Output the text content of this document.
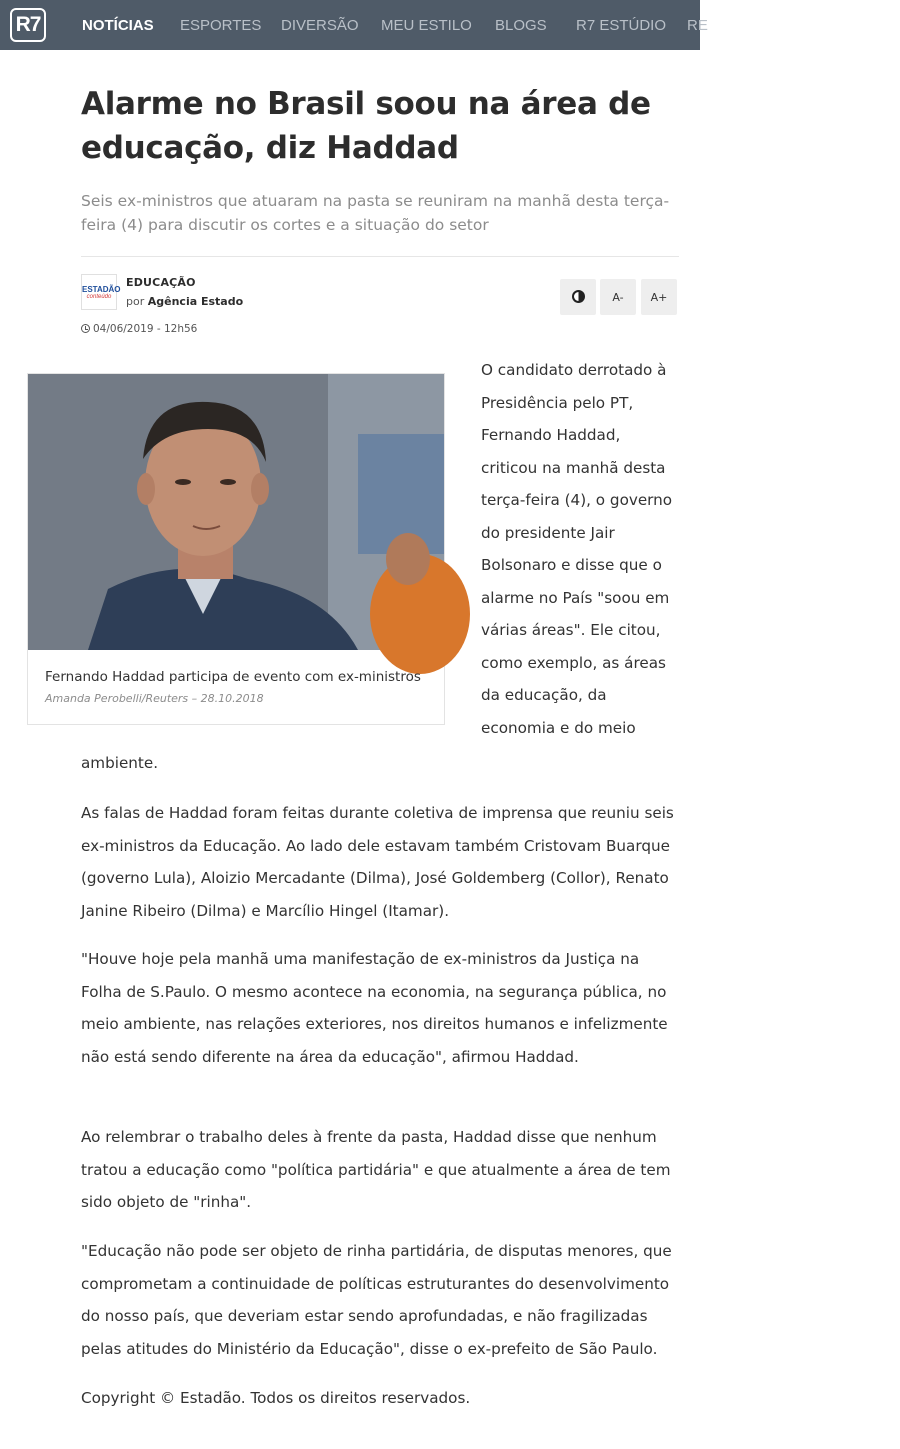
R7	NOTÍCIAS ESPORTES DIVERSÃO MEU ESTILO BLOGS R7 ESTÚDIO RE
Alarme no Brasil soou na área de educação, diz Haddad

Seis ex-ministros que atuaram na pasta se reuniram na manhã desta terça-feira (4) para discutir os cortes e a situação do setor

ESTADÃO
conteúdo
EDUCAÇÃO
por Agência Estado
04/06/2019 - 12h56
A-	A+
Fernando Haddad participa de evento com ex-ministros
Amanda Perobelli/Reuters – 28.10.2018
O candidato derrotado à
Presidência pelo PT,
Fernando Haddad,
criticou na manhã desta
terça-feira (4), o governo
do presidente Jair
Bolsonaro e disse que o
alarme no País "soou em
várias áreas". Ele citou,
como exemplo, as áreas
da educação, da
economia e do meio
ambiente.
As falas de Haddad foram feitas durante coletiva de imprensa que reuniu seis
ex-ministros da Educação. Ao lado dele estavam também Cristovam Buarque
(governo Lula), Aloizio Mercadante (Dilma), José Goldemberg (Collor), Renato
Janine Ribeiro (Dilma) e Marcílio Hingel (Itamar).
"Houve hoje pela manhã uma manifestação de ex-ministros da Justiça na
Folha de S.Paulo. O mesmo acontece na economia, na segurança pública, no
meio ambiente, nas relações exteriores, nos direitos humanos e infelizmente
não está sendo diferente na área da educação", afirmou Haddad.
Ao relembrar o trabalho deles à frente da pasta, Haddad disse que nenhum
tratou a educação como "política partidária" e que atualmente a área de tem
sido objeto de "rinha".
"Educação não pode ser objeto de rinha partidária, de disputas menores, que
comprometam a continuidade de políticas estruturantes do desenvolvimento
do nosso país, que deveriam estar sendo aprofundadas, e não fragilizadas
pelas atitudes do Ministério da Educação", disse o ex-prefeito de São Paulo.
Copyright © Estadão. Todos os direitos reservados.
